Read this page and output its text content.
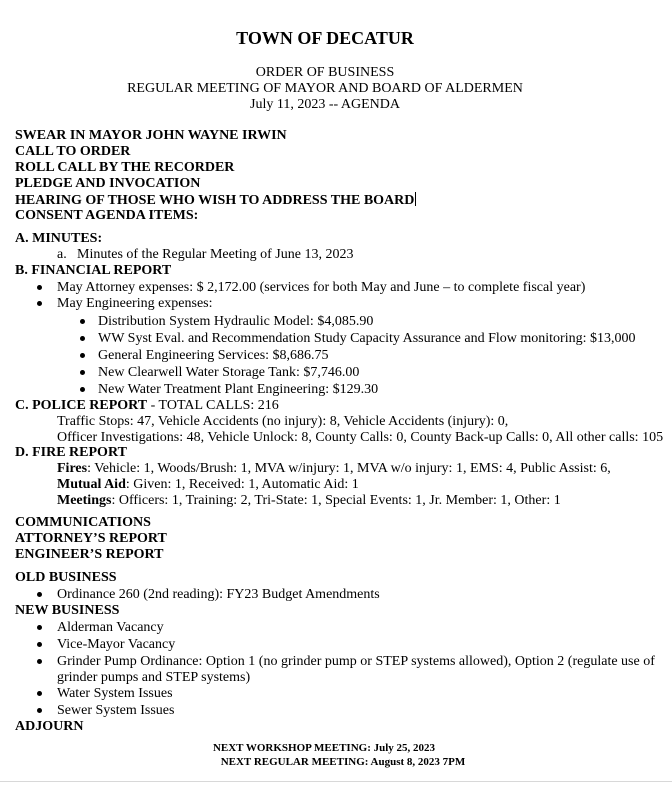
TOWN OF DECATUR
ORDER OF BUSINESS
REGULAR MEETING OF MAYOR AND BOARD OF ALDERMEN
July 11, 2023 -- AGENDA
SWEAR IN MAYOR JOHN WAYNE IRWIN
CALL TO ORDER
ROLL CALL BY THE RECORDER
PLEDGE AND INVOCATION
HEARING OF THOSE WHO WISH TO ADDRESS THE BOARD
CONSENT AGENDA ITEMS:
A. MINUTES:
a. Minutes of the Regular Meeting of June 13, 2023
B. FINANCIAL REPORT
May Attorney expenses: $ 2,172.00 (services for both May and June – to complete fiscal year)
May Engineering expenses:
Distribution System Hydraulic Model: $4,085.90
WW Syst Eval. and Recommendation Study Capacity Assurance and Flow monitoring: $13,000
General Engineering Services: $8,686.75
New Clearwell Water Storage Tank: $7,746.00
New Water Treatment Plant Engineering: $129.30
C. POLICE REPORT - TOTAL CALLS: 216
Traffic Stops: 47, Vehicle Accidents (no injury): 8, Vehicle Accidents (injury): 0,
Officer Investigations: 48, Vehicle Unlock: 8, County Calls: 0, County Back-up Calls: 0, All other calls: 105
D. FIRE REPORT
Fires: Vehicle: 1, Woods/Brush: 1, MVA w/injury: 1, MVA w/o injury: 1, EMS: 4, Public Assist: 6,
Mutual Aid: Given: 1, Received: 1, Automatic Aid: 1
Meetings: Officers: 1, Training: 2, Tri-State: 1, Special Events: 1, Jr. Member: 1, Other: 1
COMMUNICATIONS
ATTORNEY’S REPORT
ENGINEER’S REPORT
OLD BUSINESS
Ordinance 260 (2nd reading): FY23 Budget Amendments
NEW BUSINESS
Alderman Vacancy
Vice-Mayor Vacancy
Grinder Pump Ordinance: Option 1 (no grinder pump or STEP systems allowed), Option 2 (regulate use of
grinder pumps and STEP systems)
Water System Issues
Sewer System Issues
ADJOURN
NEXT WORKSHOP MEETING: July 25, 2023
NEXT REGULAR MEETING: August 8, 2023 7PM
